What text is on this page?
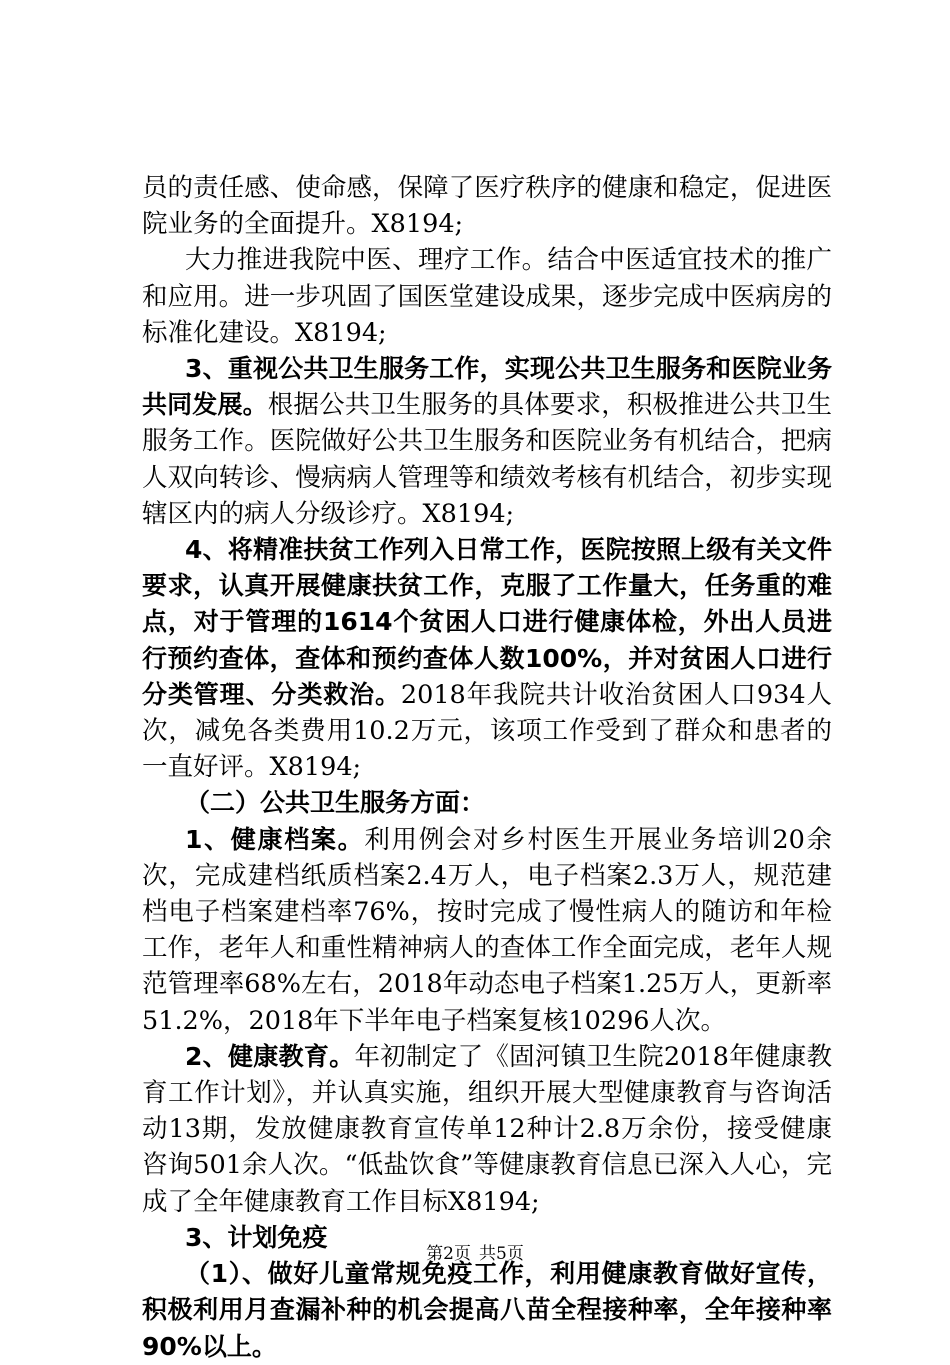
员的责任感、使命感，保障了医疗秩序的健康和稳定，促进医院业务的全面提升。X8194;

大力推进我院中医、理疗工作。结合中医适宜技术的推广和应用。进一步巩固了国医堂建设成果，逐步完成中医病房的标准化建设。X8194;

3、重视公共卫生服务工作，实现公共卫生服务和医院业务共同发展。根据公共卫生服务的具体要求，积极推进公共卫生服务工作。医院做好公共卫生服务和医院业务有机结合，把病人双向转诊、慢病病人管理等和绩效考核有机结合，初步实现辖区内的病人分级诊疗。X8194;

4、将精准扶贫工作列入日常工作，医院按照上级有关文件要求，认真开展健康扶贫工作，克服了工作量大，任务重的难点，对于管理的1614个贫困人口进行健康体检，外出人员进行预约查体，查体和预约查体人数100%，并对贫困人口进行分类管理、分类救治。2018年我院共计收治贫困人口934人次，减免各类费用10.2万元，该项工作受到了群众和患者的一直好评。X8194;

（二）公共卫生服务方面：

1、健康档案。利用例会对乡村医生开展业务培训20余次，完成建档纸质档案2.4万人，电子档案2.3万人，规范建档电子档案建档率76%，按时完成了慢性病人的随访和年检工作，老年人和重性精神病人的查体工作全面完成，老年人规范管理率68%左右，2018年动态电子档案1.25万人，更新率51.2%，2018年下半年电子档案复核10296人次。

2、健康教育。年初制定了《固河镇卫生院2018年健康教育工作计划》，并认真实施，组织开展大型健康教育与咨询活动13期，发放健康教育宣传单12种计2.8万余份，接受健康咨询501余人次。“低盐饮食”等健康教育信息已深入人心，完成了全年健康教育工作目标X8194;

3、计划免疫

（1）、做好儿童常规免疫工作，利用健康教育做好宣传，积极利用月查漏补种的机会提高八苗全程接种率，全年接种率90%以上。

第2页 共5页
